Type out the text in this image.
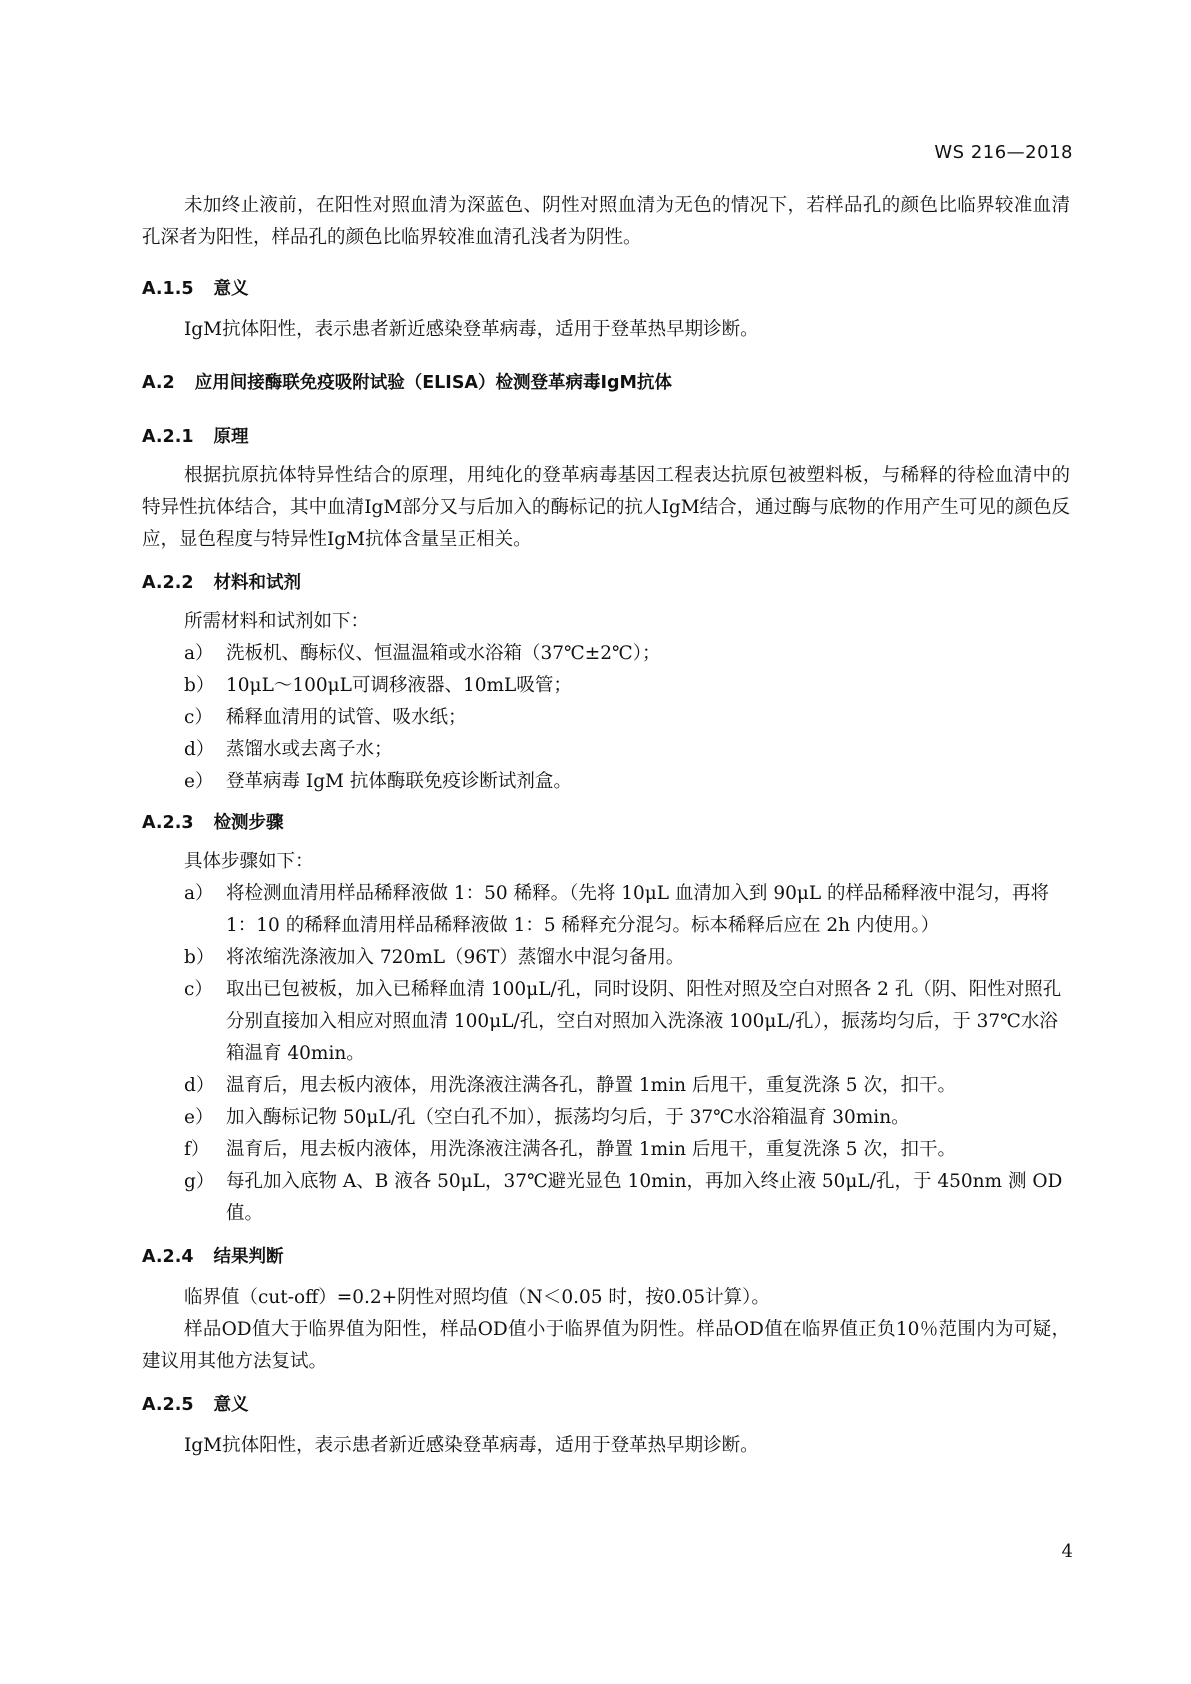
WS 216—2018

未加终止液前，在阳性对照血清为深蓝色、阴性对照血清为无色的情况下，若样品孔的颜色比临界较准血清孔深者为阳性，样品孔的颜色比临界较准血清孔浅者为阴性。

A.1.5 意义

IgM抗体阳性，表示患者新近感染登革病毒，适用于登革热早期诊断。

A.2 应用间接酶联免疫吸附试验（ELISA）检测登革病毒IgM抗体
A.2.1 原理

根据抗原抗体特异性结合的原理，用纯化的登革病毒基因工程表达抗原包被塑料板，与稀释的待检血清中的特异性抗体结合，其中血清IgM部分又与后加入的酶标记的抗人IgM结合，通过酶与底物的作用产生可见的颜色反应，显色程度与特异性IgM抗体含量呈正相关。

A.2.2 材料和试剂

所需材料和试剂如下：

a） 洗板机、酶标仪、恒温温箱或水浴箱（37℃±2℃）；
b） 10μL～100μL可调移液器、10mL吸管；
c） 稀释血清用的试管、吸水纸；
d） 蒸馏水或去离子水；
e） 登革病毒 IgM 抗体酶联免疫诊断试剂盒。
A.2.3 检测步骤

具体步骤如下：

a） 将检测血清用样品稀释液做 1：50 稀释。（先将 10μL 血清加入到 90μL 的样品稀释液中混匀，再将 1：10 的稀释血清用样品稀释液做 1：5 稀释充分混匀。标本稀释后应在 2h 内使用。）
b） 将浓缩洗涤液加入 720mL（96T）蒸馏水中混匀备用。
c） 取出已包被板，加入已稀释血清 100μL/孔，同时设阴、阳性对照及空白对照各 2 孔（阴、阳性对照孔分别直接加入相应对照血清 100μL/孔，空白对照加入洗涤液 100μL/孔），振荡均匀后，于 37℃水浴箱温育 40min。
d） 温育后，甩去板内液体，用洗涤液注满各孔，静置 1min 后甩干，重复洗涤 5 次，扣干。
e） 加入酶标记物 50μL/孔（空白孔不加），振荡均匀后，于 37℃水浴箱温育 30min。
f） 温育后，甩去板内液体，用洗涤液注满各孔，静置 1min 后甩干，重复洗涤 5 次，扣干。
g） 每孔加入底物 A、B 液各 50μL，37℃避光显色 10min，再加入终止液 50μL/孔，于 450nm 测 OD 值。
A.2.4 结果判断

临界值（cut-off）=0.2+阴性对照均值（N＜0.05 时，按0.05计算）。

样品OD值大于临界值为阳性，样品OD值小于临界值为阴性。样品OD值在临界值正负10％范围内为可疑，建议用其他方法复试。

A.2.5 意义

IgM抗体阳性，表示患者新近感染登革病毒，适用于登革热早期诊断。

4
